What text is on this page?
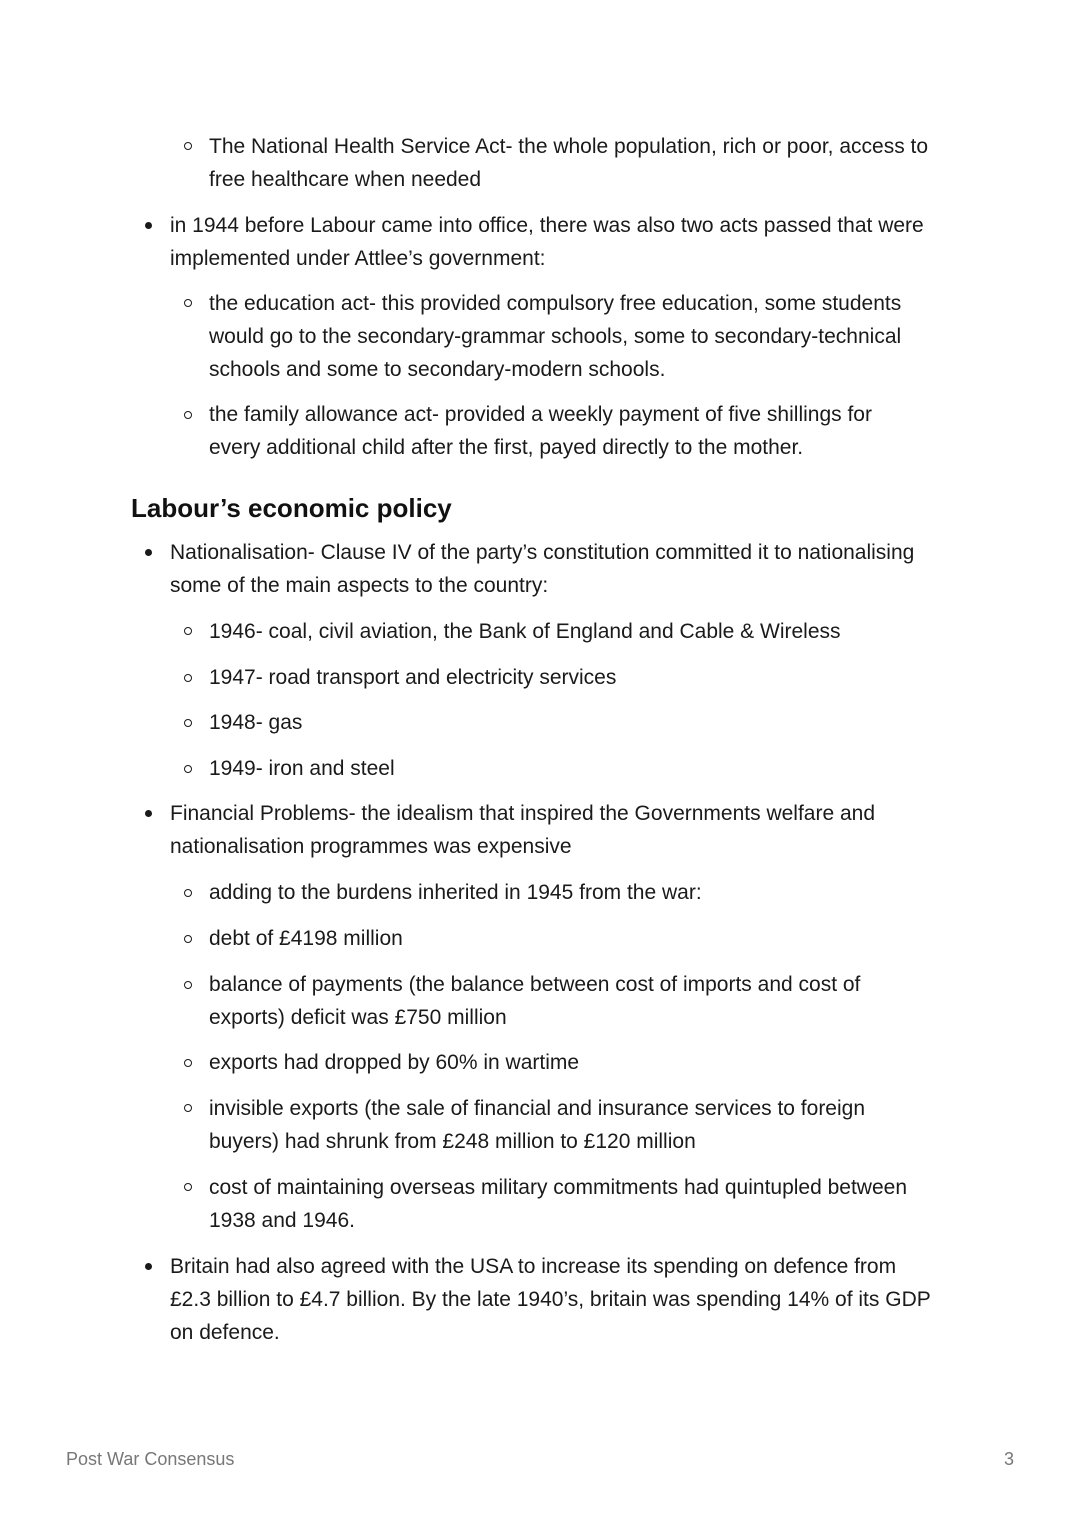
The National Health Service Act- the whole population, rich or poor, access to free healthcare when needed
in 1944 before Labour came into office, there was also two acts passed that were implemented under Attlee’s government:
the education act- this provided compulsory free education, some students would go to the secondary-grammar schools, some to secondary-technical schools and some to secondary-modern schools.
the family allowance act- provided a weekly payment of five shillings for every additional child after the first, payed directly to the mother.
Labour’s economic policy
Nationalisation- Clause IV of the party’s constitution committed it to nationalising some of the main aspects to the country:
1946- coal, civil aviation, the Bank of England and Cable & Wireless
1947- road transport and electricity services
1948- gas
1949- iron and steel
Financial Problems- the idealism that inspired the Governments welfare and nationalisation programmes was expensive
adding to the burdens inherited in 1945 from the war:
debt of £4198 million
balance of payments (the balance between cost of imports and cost of exports) deficit was £750 million
exports had dropped by 60% in wartime
invisible exports (the sale of financial and insurance services to foreign buyers) had shrunk from £248 million to £120 million
cost of maintaining overseas military commitments had quintupled between 1938 and 1946.
Britain had also agreed with the USA to increase its spending on defence from £2.3 billion to £4.7 billion. By the late 1940’s, britain was spending 14% of its GDP on defence.
Post War Consensus	3
